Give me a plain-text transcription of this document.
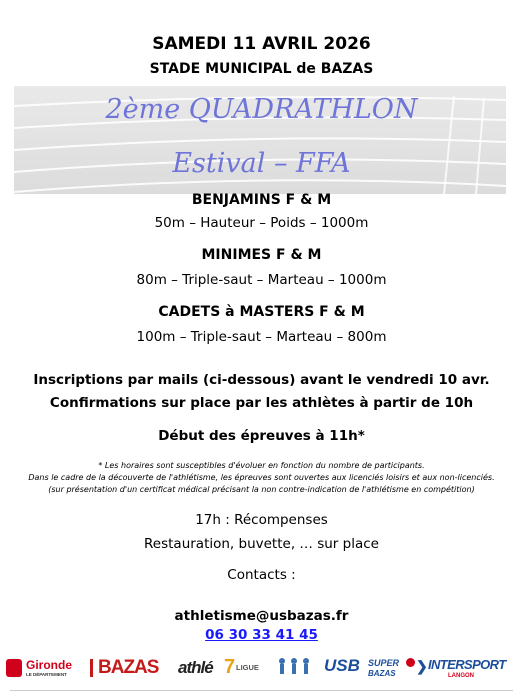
SAMEDI 11 AVRIL 2026
STADE MUNICIPAL de BAZAS
2ème QUADRATHLON
Estival – FFA
BENJAMINS F & M
50m – Hauteur – Poids – 1000m
MINIMES F & M
80m – Triple-saut – Marteau – 1000m
CADETS à MASTERS F & M
100m – Triple-saut – Marteau – 800m
Inscriptions par mails (ci-dessous) avant le vendredi 10 avr.
Confirmations sur place par les athlètes à partir de 10h
Début des épreuves à 11h*
* Les horaires sont susceptibles d'évoluer en fonction du nombre de participants.
Dans le cadre de la découverte de l'athlétisme, les épreuves sont ouvertes aux licenciés loisirs et aux non-licenciés.
(sur présentation d'un certificat médical précisant la non contre-indication de l'athlétisme en compétition)
17h : Récompenses
Restauration, buvette, … sur place
Contacts :
athletisme@usbazas.fr
06 30 33 41 45
Gironde
LE DÉPARTEMENT BAZAS athlé 7 LIGUE	USB SUPER
BAZAS ❯ INTERSPORT
LANGON
